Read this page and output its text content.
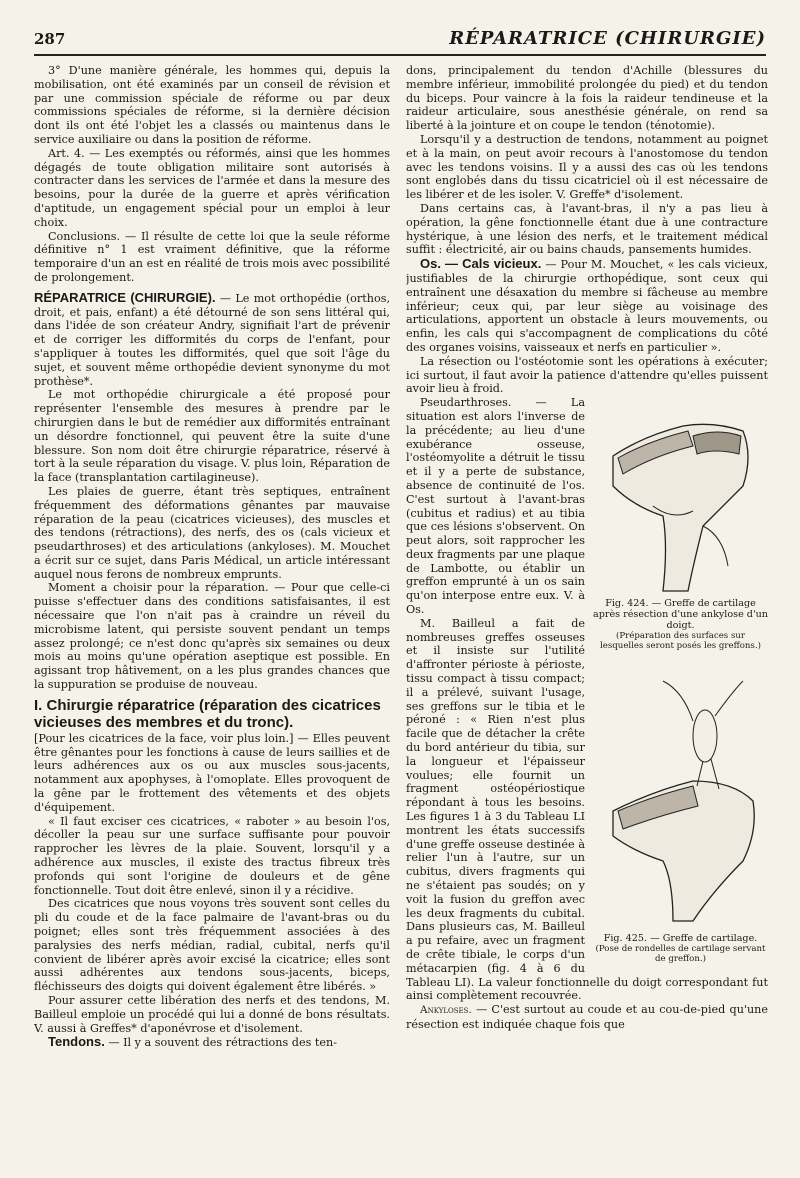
287	RÉPARATRICE (CHIRURGIE)

3° D'une manière générale, les hommes qui, depuis la mobilisation, ont été examinés par un conseil de révision et par une commission spéciale de réforme ou par deux commissions spéciales de réforme, si la dernière décision dont ils ont été l'objet les a classés ou maintenus dans le service auxiliaire ou dans la position de réforme.

Art. 4. — Les exemptés ou réformés, ainsi que les hommes dégagés de toute obligation militaire sont autorisés à contracter dans les services de l'armée et dans la mesure des besoins, pour la durée de la guerre et après vérification d'aptitude, un engagement spécial pour un emploi à leur choix.

Conclusions. — Il résulte de cette loi que la seule réforme définitive n° 1 est vraiment définitive, que la réforme temporaire d'un an est en réalité de trois mois avec possibilité de prolongement.

RÉPARATRICE (CHIRURGIE). — Le mot orthopédie (orthos, droit, et pais, enfant) a été détourné de son sens littéral qui, dans l'idée de son créateur Andry, signifiait l'art de prévenir et de corriger les difformités du corps de l'enfant, pour s'appliquer à toutes les difformités, quel que soit l'âge du sujet, et souvent même orthopédie devient synonyme du mot prothèse*.

Le mot orthopédie chirurgicale a été proposé pour représenter l'ensemble des mesures à prendre par le chirurgien dans le but de remédier aux difformités entraînant un désordre fonctionnel, qui peuvent être la suite d'une blessure. Son nom doit être chirurgie réparatrice, réservé à tort à la seule réparation du visage. V. plus loin, Réparation de la face (transplantation cartilagineuse).

Les plaies de guerre, étant très septiques, entraînent fréquemment des déformations gênantes par mauvaise réparation de la peau (cicatrices vicieuses), des muscles et des tendons (rétractions), des nerfs, des os (cals vicieux et pseudarthroses) et des articulations (ankyloses). M. Mouchet a écrit sur ce sujet, dans Paris Médical, un article intéressant auquel nous ferons de nombreux emprunts.

Moment a choisir pour la réparation. — Pour que celle-ci puisse s'effectuer dans des conditions satisfaisantes, il est nécessaire que l'on n'ait pas à craindre un réveil du microbisme latent, qui persiste souvent pendant un temps assez prolongé; ce n'est donc qu'après six semaines ou deux mois au moins qu'une opération aseptique est possible. En agissant trop hâtivement, on a les plus grandes chances que la suppuration se produise de nouveau.

I. Chirurgie réparatrice (réparation des cicatrices vicieuses des membres et du tronc).

[Pour les cicatrices de la face, voir plus loin.] — Elles peuvent être gênantes pour les fonctions à cause de leurs saillies et de leurs adhérences aux os ou aux muscles sous-jacents, notamment aux apophyses, à l'omoplate. Elles provoquent de la gêne par le frottement des vêtements et des objets d'équipement.

« Il faut exciser ces cicatrices, « raboter » au besoin l'os, décoller la peau sur une surface suffisante pour pouvoir rapprocher les lèvres de la plaie. Souvent, lorsqu'il y a adhérence aux muscles, il existe des tractus fibreux très profonds qui sont l'origine de douleurs et de gêne fonctionnelle. Tout doit être enlevé, sinon il y a récidive.

Des cicatrices que nous voyons très souvent sont celles du pli du coude et de la face palmaire de l'avant-bras ou du poignet; elles sont très fréquemment associées à des paralysies des nerfs médian, radial, cubital, nerfs qu'il convient de libérer après avoir excisé la cicatrice; elles sont aussi adhérentes aux tendons sous-jacents, biceps, fléchisseurs des doigts qui doivent également être libérés. »

Pour assurer cette libération des nerfs et des tendons, M. Bailleul emploie un procédé qui lui a donné de bons résultats. V. aussi à Greffes* d'aponévrose et d'isolement.

Tendons. — Il y a souvent des rétractions des ten-

dons, principalement du tendon d'Achille (blessures du membre inférieur, immobilité prolongée du pied) et du tendon du biceps. Pour vaincre à la fois la raideur tendineuse et la raideur articulaire, sous anesthésie générale, on rend sa liberté à la jointure et on coupe le tendon (ténotomie).

Lorsqu'il y a destruction de tendons, notamment au poignet et à la main, on peut avoir recours à l'anostomose du tendon avec les tendons voisins. Il y a aussi des cas où les tendons sont englobés dans du tissu cicatriciel où il est nécessaire de les libérer et de les isoler. V. Greffe* d'isolement.

Dans certains cas, à l'avant-bras, il n'y a pas lieu à opération, la gêne fonctionnelle étant due à une contracture hystérique, à une lésion des nerfs, et le traitement médical suffit : électricité, air ou bains chauds, pansements humides.

Os. — Cals vicieux. — Pour M. Mouchet, « les cals vicieux, justifiables de la chirurgie orthopédique, sont ceux qui entraînent une désaxation du membre si fâcheuse au membre inférieur; ceux qui, par leur siège au voisinage des articulations, apportent un obstacle à leurs mouvements, ou enfin, les cals qui s'accompagnent de complications du côté des organes voisins, vaisseaux et nerfs en particulier ».

La résection ou l'ostéotomie sont les opérations à exécuter; ici surtout, il faut avoir la patience d'attendre qu'elles puissent avoir lieu à froid.

Fig. 424. — Greffe de cartilage après résection d'une ankylose d'un doigt.
(Préparation des surfaces sur lesquelles seront posés les greffons.)

Pseudarthroses. — La situation est alors l'inverse de la précédente; au lieu d'une exubérance osseuse, l'ostéomyolite a détruit le tissu et il y a perte de substance, absence de continuité de l'os. C'est surtout à l'avant-bras (cubitus et radius) et au tibia que ces lésions s'observent. On peut alors, soit rapprocher les deux fragments par une plaque de Lambotte, ou établir un greffon emprunté à un os sain qu'on interpose entre eux. V. à Os.

Fig. 425. — Greffe de cartilage.
(Pose de rondelles de cartilage servant de greffon.)

M. Bailleul a fait de nombreuses greffes osseuses et il insiste sur l'utilité d'affronter périoste à périoste, tissu compact à tissu compact; il a prélevé, suivant l'usage, ses greffons sur le tibia et le péroné : « Rien n'est plus facile que de détacher la crête du bord antérieur du tibia, sur la longueur et l'épaisseur voulues; elle fournit un fragment ostéopériostique répondant à tous les besoins. Les figures 1 à 3 du Tableau LI montrent les états successifs d'une greffe osseuse destinée à relier l'un à l'autre, sur un cubitus, divers fragments qui ne s'étaient pas soudés; on y voit la fusion du greffon avec les deux fragments du cubital. Dans plusieurs cas, M. Bailleul a pu refaire, avec un fragment de crête tibiale, le corps d'un métacarpien (fig. 4 à 6 du Tableau LI). La valeur fonctionnelle du doigt correspondant fut ainsi complètement recouvrée.

Ankyloses. — C'est surtout au coude et au cou-de-pied qu'une résection est indiquée chaque fois que
